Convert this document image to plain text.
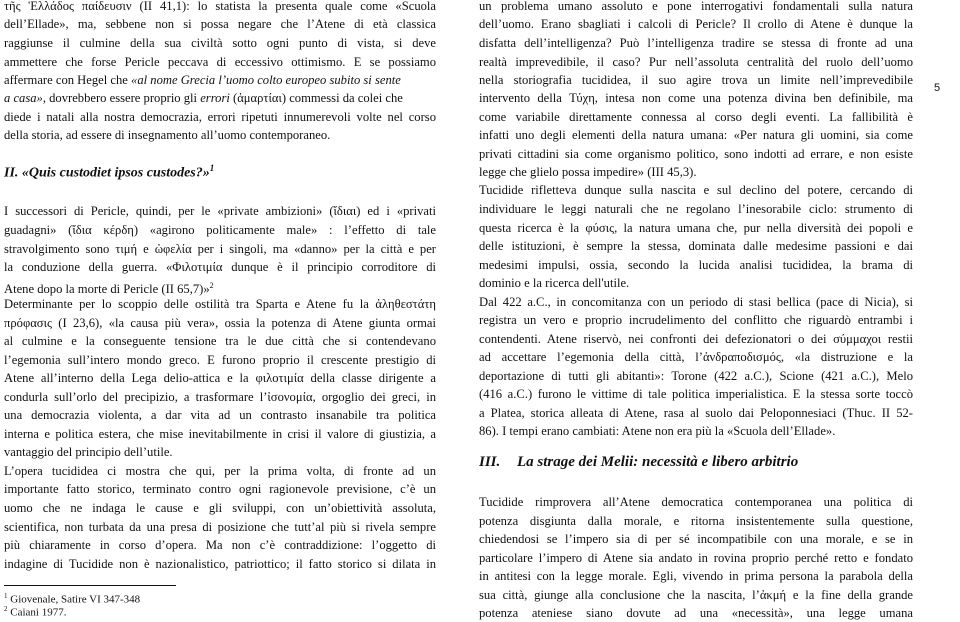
τῆς Ἑλλάδος παίδευσιν (II 41,1): lo statista la presenta quale come «Scuola
dell’Ellade», ma, sebbene non si possa negare che l’Atene di età classica
raggiunse il culmine della sua civiltà sotto ogni punto di vista, si deve
ammettere che forse Pericle peccava di eccessivo ottimismo. E se possiamo
affermare con Hegel che «al nome Grecia l’uomo colto europeo subito si sente
a casa», dovrebbero essere proprio gli errori (ἁμαρτίαι) commessi da colei che
diede i natali alla nostra democrazia, errori ripetuti innumerevoli volte nel corso
della storia, ad essere di insegnamento all’uomo contemporaneo.
II. «Quis custodiet ipsos custodes?»$^1$
I successori di Pericle, quindi, per le «private ambizioni» (ἴδιαι) ed i «privati
guadagni» (ἴδια κέρδη) «agirono politicamente male» : l’effetto di tale
stravolgimento sono τιμή e ὠφελία per i singoli, ma «danno» per la città e per
la conduzione della guerra. «Φιλοτιμία dunque è il principio corroditore di
Atene dopo la morte di Pericle (II 65,7)»$^2$
Determinante per lo scoppio delle ostilità tra Sparta e Atene fu la ἀληθεστάτη
πρόφασις (I 23,6), «la causa più vera», ossia la potenza di Atene giunta ormai
al culmine e la conseguente tensione tra le due città che si contendevano
l’egemonia sull’intero mondo greco. E furono proprio il crescente prestigio di
Atene all’interno della Lega delio-attica e la φιλοτιμία della classe dirigente a
condurla sull’orlo del precipizio, a trasformare l’ἰσονομία, orgoglio dei greci, in
una democrazia violenta, a dar vita ad un contrasto insanabile tra politica
interna e politica estera, che mise inevitabilmente in crisi il valore di giustizia, a
vantaggio del principio dell’utile.
L’opera tucididea ci mostra che qui, per la prima volta, di fronte ad un
importante fatto storico, terminato contro ogni ragionevole previsione, c’è un
uomo che ne indaga le cause e gli sviluppi, con un’obiettività assoluta,
scientifica, non turbata da una presa di posizione che tutt’al più si rivela sempre
più chiaramente in corso d’opera. Ma non c’è contraddizione: l’oggetto di
indagine di Tucidide non è nazionalistico, patriottico; il fatto storico si dilata in
$^1$ Giovenale, Satire VI 347-348
$^2$ Caiani 1977.
un problema umano assoluto e pone interrogativi fondamentali sulla natura
dell’uomo. Erano sbagliati i calcoli di Pericle? Il crollo di Atene è dunque la
disfatta dell’intelligenza? Può l’intelligenza tradire se stessa di fronte ad una
realtà imprevedibile, il caso? Pur nell’assoluta centralità del ruolo dell’uomo
nella storiografia tucididea, il suo agire trova un limite nell’imprevedibile
intervento della Τύχη, intesa non come una potenza divina ben definibile, ma
come variabile direttamente connessa al corso degli eventi. La fallibilità è
infatti uno degli elementi della natura umana: «Per natura gli uomini, sia come
privati cittadini sia come organismo politico, sono indotti ad errare, e non esiste
legge che glielo possa impedire» (III 45,3).
Tucidide rifletteva dunque sulla nascita e sul declino del potere, cercando di
individuare le leggi naturali che ne regolano l’inesorabile ciclo: strumento di
questa ricerca è la φύσις, la natura umana che, pur nella diversità dei popoli e
delle istituzioni, è sempre la stessa, dominata dalle medesime passioni e dai
medesimi impulsi, ossia, secondo la lucida analisi tucididea, la brama di
dominio e la ricerca dell'utile.
Dal 422 a.C., in concomitanza con un periodo di stasi bellica (pace di Nicia), si
registra un vero e proprio incrudelimento del conflitto che riguardò entrambi i
contendenti. Atene riservò, nei confronti dei defezionatori o dei σύμμαχοι restii
ad accettare l’egemonia della città, l’ἀνδραποδισμός, «la distruzione e la
deportazione di tutti gli abitanti»: Torone (422 a.C.), Scione (421 a.C.), Melo
(416 a.C.) furono le vittime di tale politica imperialistica. E la stessa sorte toccò
a Platea, storica alleata di Atene, rasa al suolo dai Peloponnesiaci (Thuc. II 52-
86). I tempi erano cambiati: Atene non era più la «Scuola dell’Ellade».
III. La strage dei Melii: necessità e libero arbitrio
Tucidide rimprovera all’Atene democratica contemporanea una politica di
potenza disgiunta dalla morale, e ritorna insistentemente sulla questione,
chiedendosi se l’impero sia di per sé incompatibile con una morale, e se in
particolare l’impero di Atene sia andato in rovina proprio perché retto e fondato
in antitesi con la legge morale. Egli, vivendo in prima persona la parabola della
sua città, giunge alla conclusione che la nascita, l’ἀκμή e la fine della grande
potenza ateniese siano dovute ad una «necessità», una legge umana
5
